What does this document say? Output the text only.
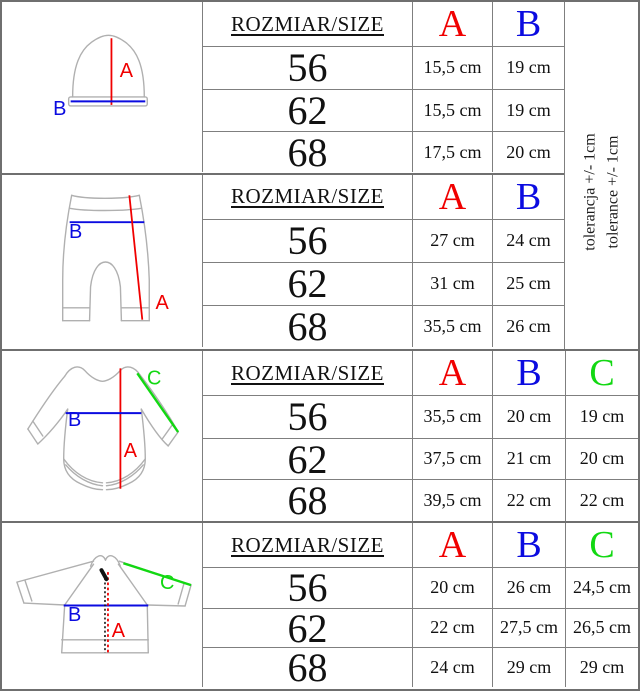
A
B
ROZMIAR/SIZE	A	B
56	15,5 cm	19 cm
62	15,5 cm	19 cm
68	17,5 cm	20 cm
B
A
ROZMIAR/SIZE	A	B
56	27 cm	24 cm
62	31 cm	25 cm
68	35,5 cm	26 cm
tolerancja +/- 1cm tolerance +/- 1cm
B
A
C	ROZMIAR/SIZE	A	B	C
56	35,5 cm	20 cm	19 cm
62	37,5 cm	21 cm	20 cm
68	39,5 cm	22 cm	22 cm
B
A
C
ROZMIAR/SIZE	A	B	C
56	20 cm	26 cm	24,5 cm
62	22 cm	27,5 cm 26,5 cm
68	24 cm	29 cm	29 cm
